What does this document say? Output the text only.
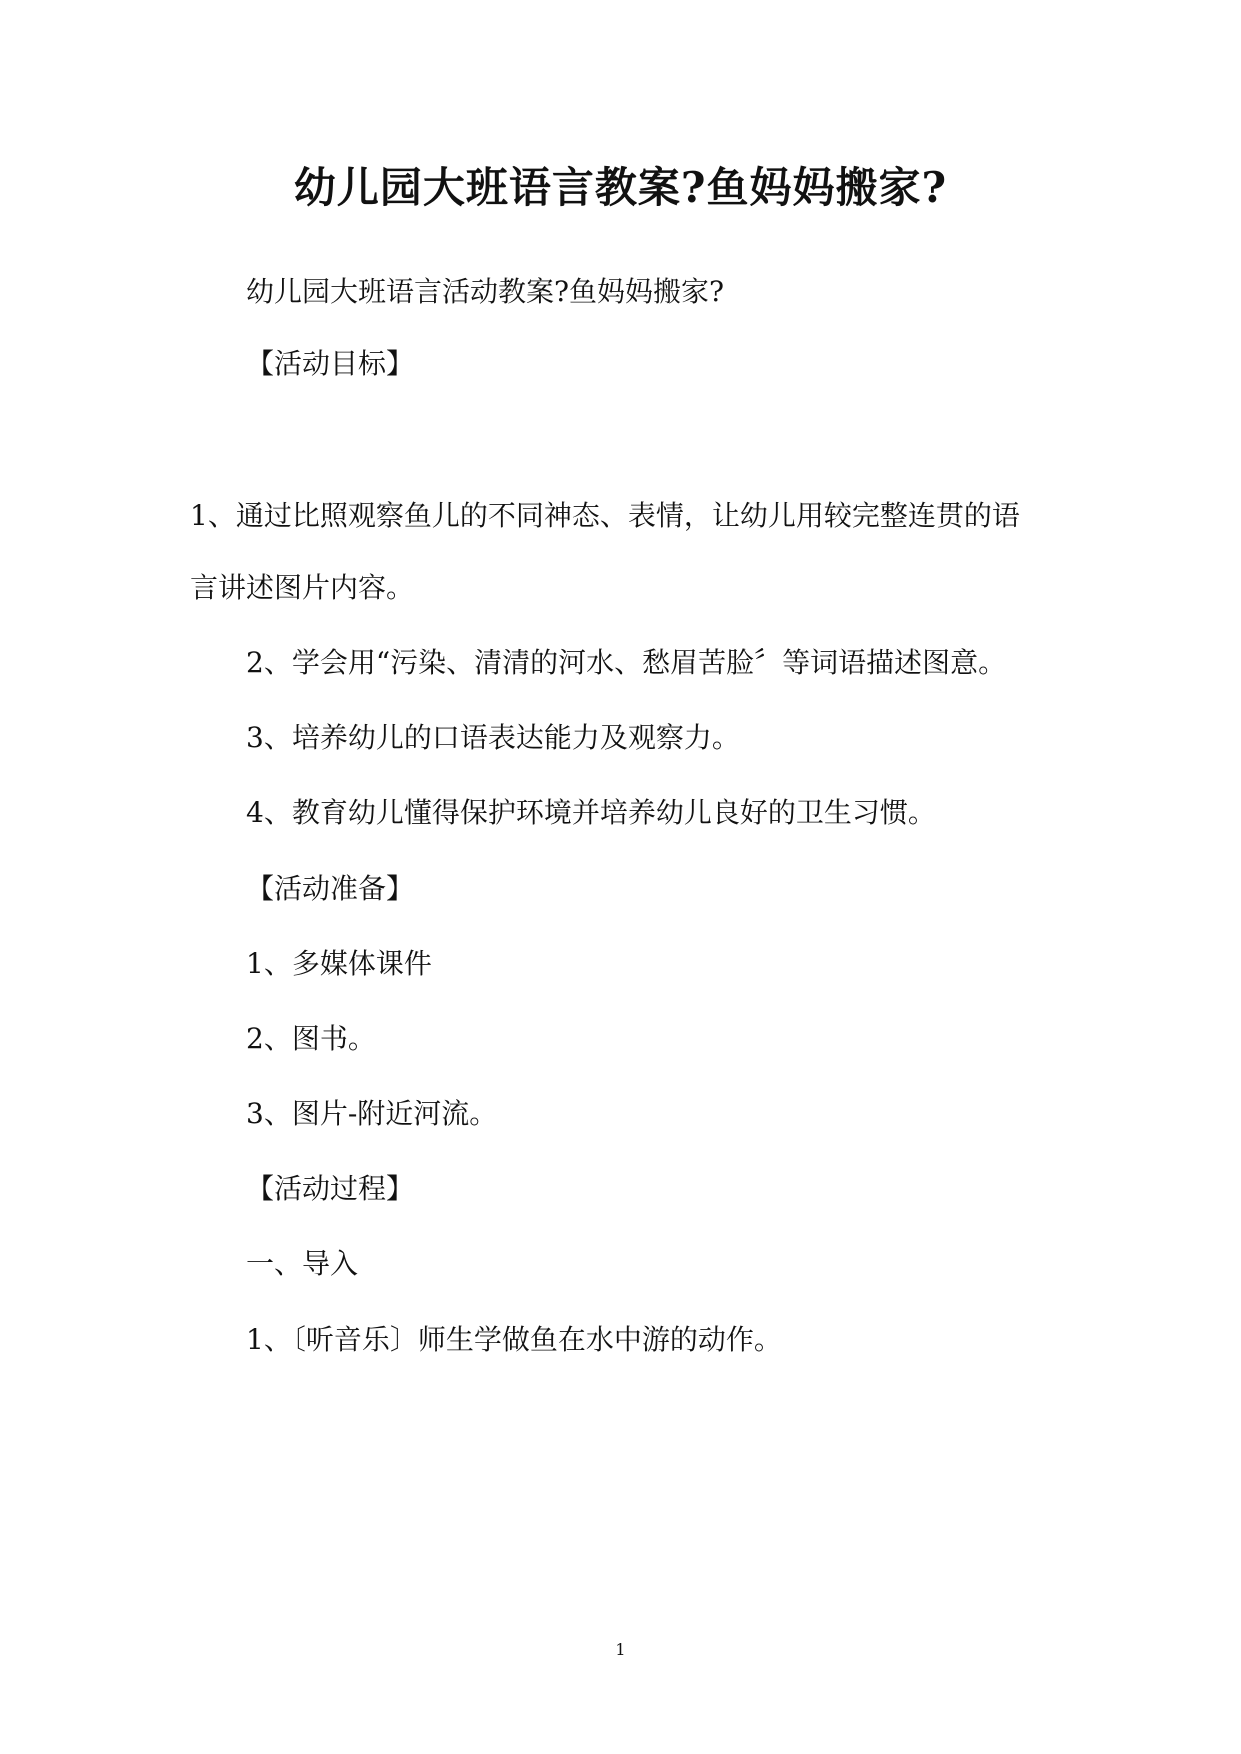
幼儿园大班语言教案?鱼妈妈搬家?
幼儿园大班语言活动教案?鱼妈妈搬家?
【活动目标】
1、通过比照观察鱼儿的不同神态、表情，让幼儿用较完整连贯的语
言讲述图片内容。
2、学会用“污染、清清的河水、愁眉苦脸〞等词语描述图意。
3、培养幼儿的口语表达能力及观察力。
4、教育幼儿懂得保护环境并培养幼儿良好的卫生习惯。
【活动准备】
1、多媒体课件
2、图书。
3、图片-附近河流。
【活动过程】
一、导入
1、〔听音乐〕师生学做鱼在水中游的动作。
1
